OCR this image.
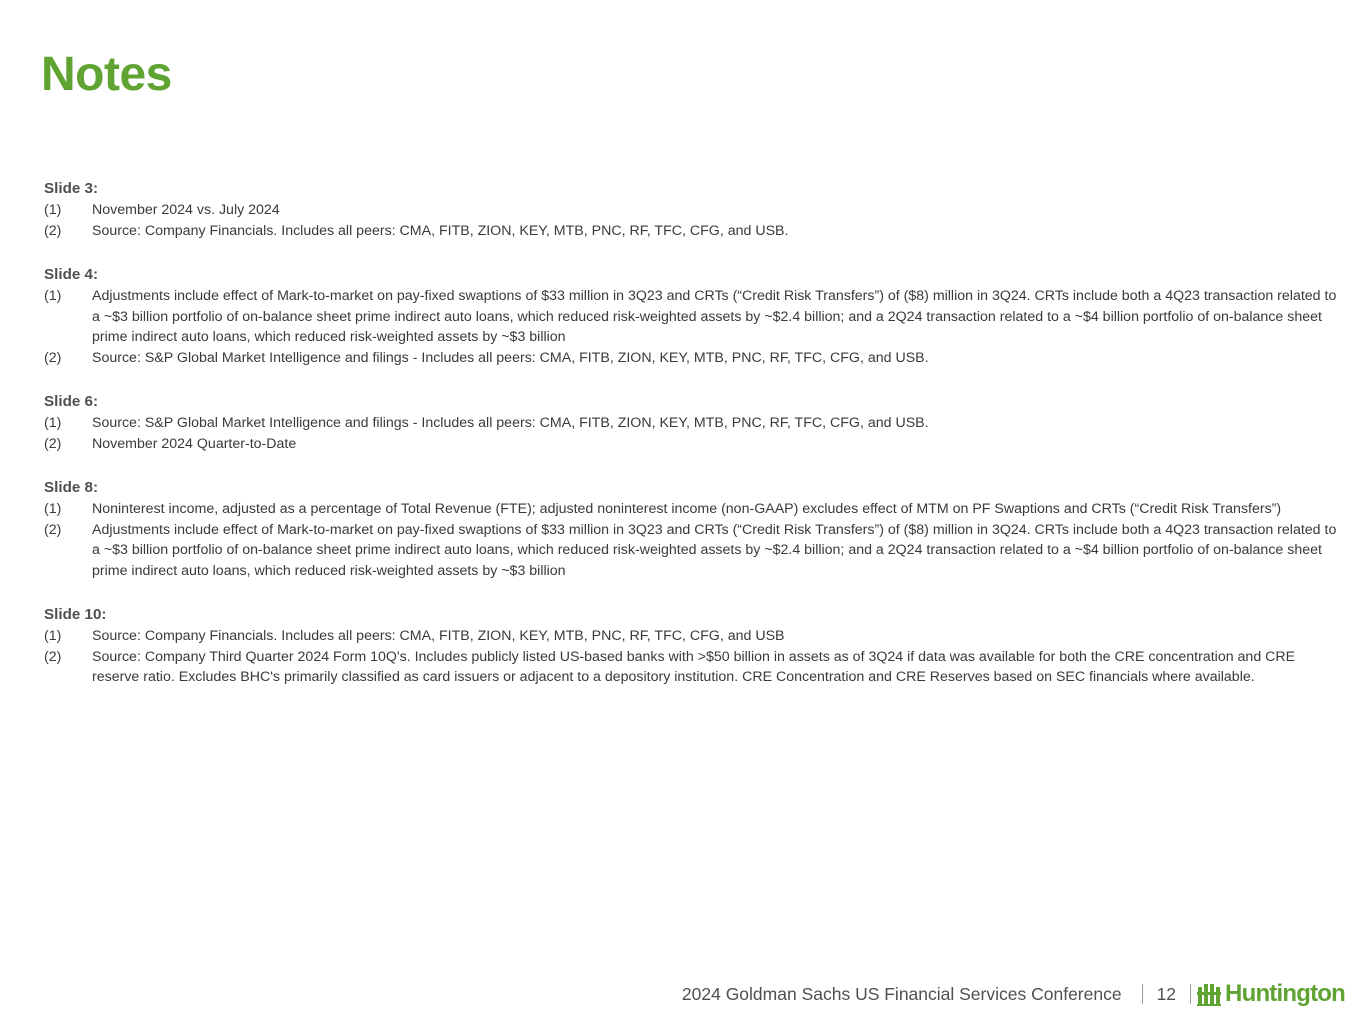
Notes
Slide 3:
(1)	November 2024 vs. July 2024
(2)	Source: Company Financials. Includes all peers: CMA, FITB, ZION, KEY, MTB, PNC, RF, TFC, CFG, and USB.
Slide 4:
(1)	Adjustments include effect of Mark-to-market on pay-fixed swaptions of $33 million in 3Q23 and CRTs (“Credit Risk Transfers”) of ($8) million in 3Q24. CRTs include both a 4Q23 transaction related to a ~$3 billion portfolio of on-balance sheet prime indirect auto loans, which reduced risk-weighted assets by ~$2.4 billion; and a 2Q24 transaction related to a ~$4 billion portfolio of on-balance sheet prime indirect auto loans, which reduced risk-weighted assets by ~$3 billion
(2)	Source: S&P Global Market Intelligence and filings - Includes all peers: CMA, FITB, ZION, KEY, MTB, PNC, RF, TFC, CFG, and USB.
Slide 6:
(1)	Source: S&P Global Market Intelligence and filings - Includes all peers: CMA, FITB, ZION, KEY, MTB, PNC, RF, TFC, CFG, and USB.
(2)	November 2024 Quarter-to-Date
Slide 8:
(1)	Noninterest income, adjusted as a percentage of Total Revenue (FTE); adjusted noninterest income (non-GAAP) excludes effect of MTM on PF Swaptions and CRTs (“Credit Risk Transfers”)
(2)	Adjustments include effect of Mark-to-market on pay-fixed swaptions of $33 million in 3Q23 and CRTs (“Credit Risk Transfers”) of ($8) million in 3Q24. CRTs include both a 4Q23 transaction related to a ~$3 billion portfolio of on-balance sheet prime indirect auto loans, which reduced risk-weighted assets by ~$2.4 billion; and a 2Q24 transaction related to a ~$4 billion portfolio of on-balance sheet prime indirect auto loans, which reduced risk-weighted assets by ~$3 billion
Slide 10:
(1)	Source: Company Financials. Includes all peers: CMA, FITB, ZION, KEY, MTB, PNC, RF, TFC, CFG, and USB
(2)	Source: Company Third Quarter 2024 Form 10Q's. Includes publicly listed US-based banks with >$50 billion in assets as of 3Q24 if data was available for both the CRE concentration and CRE reserve ratio. Excludes BHC's primarily classified as card issuers or adjacent to a depository institution. CRE Concentration and CRE Reserves based on SEC financials where available.
2024 Goldman Sachs US Financial Services Conference 12 Huntington
